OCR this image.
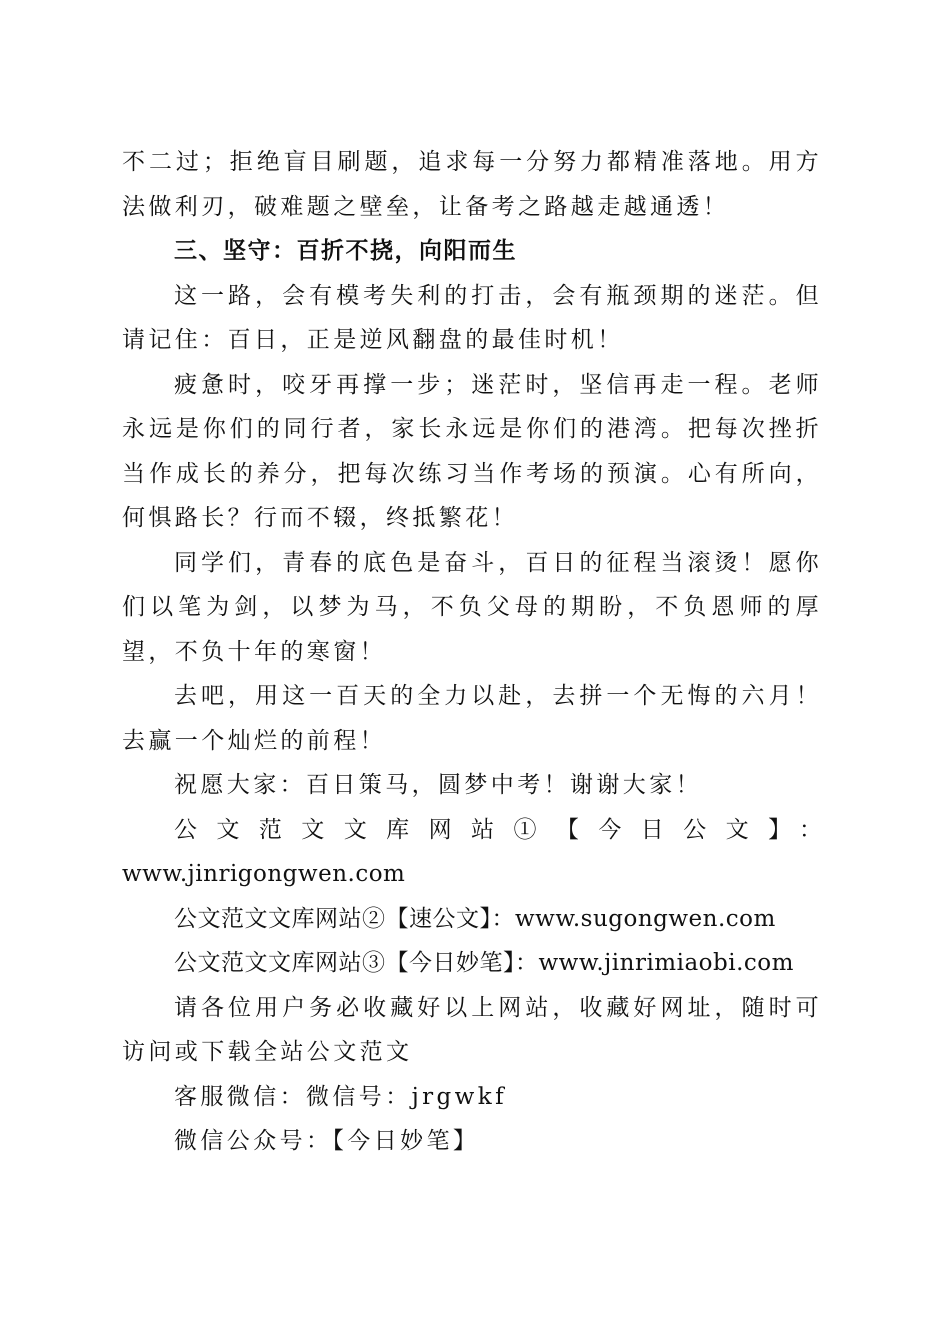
不二过；拒绝盲目刷题，追求每一分努力都精准落地。用方法做利刃，破难题之壁垒，让备考之路越走越通透！

三、坚守：百折不挠，向阳而生

这一路，会有模考失利的打击，会有瓶颈期的迷茫。但请记住：百日，正是逆风翻盘的最佳时机！

疲惫时，咬牙再撑一步；迷茫时，坚信再走一程。老师永远是你们的同行者，家长永远是你们的港湾。把每次挫折当作成长的养分，把每次练习当作考场的预演。心有所向，何惧路长？行而不辍，终抵繁花！

同学们，青春的底色是奋斗，百日的征程当滚烫！愿你们以笔为剑，以梦为马，不负父母的期盼，不负恩师的厚望，不负十年的寒窗！

去吧，用这一百天的全力以赴，去拼一个无悔的六月！去赢一个灿烂的前程！

祝愿大家：百日策马，圆梦中考！谢谢大家！

公文范文文库网站①【今日公文】：

www.jinrigongwen.com

公文范文文库网站②【速公文】：www.sugongwen.com

公文范文文库网站③【今日妙笔】：www.jinrimiaobi.com

请各位用户务必收藏好以上网站，收藏好网址，随时可访问或下载全站公文范文

客服微信：微信号：jrgwkf

微信公众号：【今日妙笔】
